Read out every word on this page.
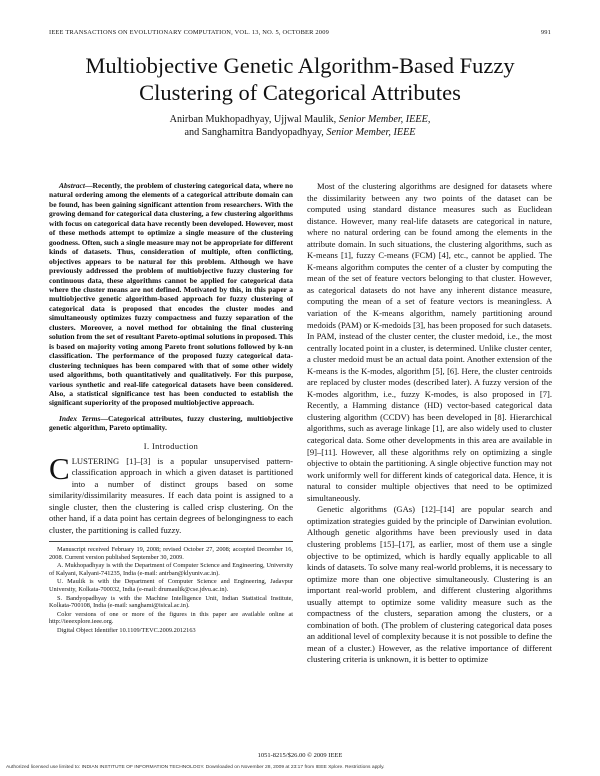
IEEE TRANSACTIONS ON EVOLUTIONARY COMPUTATION, VOL. 13, NO. 5, OCTOBER 2009	991
Multiobjective Genetic Algorithm-Based Fuzzy
Clustering of Categorical Attributes
Anirban Mukhopadhyay, Ujjwal Maulik, Senior Member, IEEE,
and Sanghamitra Bandyopadhyay, Senior Member, IEEE

Abstract—Recently, the problem of clustering categorical data, where no natural ordering among the elements of a categorical attribute domain can be found, has been gaining significant attention from researchers. With the growing demand for categorical data clustering, a few clustering algorithms with focus on categorical data have recently been developed. However, most of these methods attempt to optimize a single measure of the clustering goodness. Often, such a single measure may not be appropriate for different kinds of datasets. Thus, consideration of multiple, often conflicting, objectives appears to be natural for this problem. Although we have previously addressed the problem of multiobjective fuzzy clustering for continuous data, these algorithms cannot be applied for categorical data where the cluster means are not defined. Motivated by this, in this paper a multiobjective genetic algorithm-based approach for fuzzy clustering of categorical data is proposed that encodes the cluster modes and simultaneously optimizes fuzzy compactness and fuzzy separation of the clusters. Moreover, a novel method for obtaining the final clustering solution from the set of resultant Pareto-optimal solutions in proposed. This is based on majority voting among Pareto front solutions followed by k-nn classification. The performance of the proposed fuzzy categorical data-clustering techniques has been compared with that of some other widely used algorithms, both quantitatively and qualitatively. For this purpose, various synthetic and real-life categorical datasets have been considered. Also, a statistical significance test has been conducted to establish the significant superiority of the proposed multiobjective approach.

Index Terms—Categorical attributes, fuzzy clustering, multiobjective genetic algorithm, Pareto optimality.

I. Introduction

CLUSTERING [1]–[3] is a popular unsupervised pattern-classification approach in which a given dataset is partitioned into a number of distinct groups based on some similarity/dissimilarity measures. If each data point is assigned to a single cluster, then the clustering is called crisp clustering. On the other hand, if a data point has certain degrees of belongingness to each cluster, the partitioning is called fuzzy.

Manuscript received February 19, 2008; revised October 27, 2008; accepted December 16, 2008. Current version published September 30, 2009.

A. Mukhopadhyay is with the Department of Computer Science and Engineering, University of Kalyani, Kalyani-741235, India (e-mail: anirban@klyuniv.ac.in).

U. Maulik is with the Department of Computer Science and Engineering, Jadavpur University, Kolkata-700032, India (e-mail: drumaulik@cse.jdvu.ac.in).

S. Bandyopadhyay is with the Machine Intelligence Unit, Indian Statistical Institute, Kolkata-700108, India (e-mail: sanghami@isical.ac.in).

Color versions of one or more of the figures in this paper are available online at http://ieeexplore.ieee.org.

Digital Object Identifier 10.1109/TEVC.2009.2012163

Most of the clustering algorithms are designed for datasets where the dissimilarity between any two points of the dataset can be computed using standard distance measures such as Euclidean distance. However, many real-life datasets are categorical in nature, where no natural ordering can be found among the elements in the attribute domain. In such situations, the clustering algorithms, such as K-means [1], fuzzy C-means (FCM) [4], etc., cannot be applied. The K-means algorithm computes the center of a cluster by computing the mean of the set of feature vectors belonging to that cluster. However, as categorical datasets do not have any inherent distance measure, computing the mean of a set of feature vectors is meaningless. A variation of the K-means algorithm, namely partitioning around medoids (PAM) or K-medoids [3], has been proposed for such datasets. In PAM, instead of the cluster center, the cluster medoid, i.e., the most centrally located point in a cluster, is determined. Unlike cluster center, a cluster medoid must be an actual data point. Another extension of the K-means is the K-modes, algorithm [5], [6]. Here, the cluster centroids are replaced by cluster modes (described later). A fuzzy version of the K-modes algorithm, i.e., fuzzy K-modes, is also proposed in [7]. Recently, a Hamming distance (HD) vector-based categorical data clustering algorithm (CCDV) has been developed in [8]. Hierarchical algorithms, such as average linkage [1], are also widely used to cluster categorical data. Some other developments in this area are available in [9]–[11]. However, all these algorithms rely on optimizing a single objective to obtain the partitioning. A single objective function may not work uniformly well for different kinds of categorical data. Hence, it is natural to consider multiple objectives that need to be optimized simultaneously.

Genetic algorithms (GAs) [12]–[14] are popular search and optimization strategies guided by the principle of Darwinian evolution. Although genetic algorithms have been previously used in data clustering problems [15]–[17], as earlier, most of them use a single objective to be optimized, which is hardly equally applicable to all kinds of datasets. To solve many real-world problems, it is necessary to optimize more than one objective simultaneously. Clustering is an important real-world problem, and different clustering algorithms usually attempt to optimize some validity measure such as the compactness of the clusters, separation among the clusters, or a combination of both. (The problem of clustering categorical data poses an additional level of complexity because it is not possible to define the mean of a cluster.) However, as the relative importance of different clustering criteria is unknown, it is better to optimize

1051-8215/$26.00 © 2009 IEEE
Authorized licensed use limited to: INDIAN INSTITUTE OF INFORMATION TECHNOLOGY. Downloaded on November 28, 2009 at 23:17 from IEEE Xplore. Restrictions apply.
